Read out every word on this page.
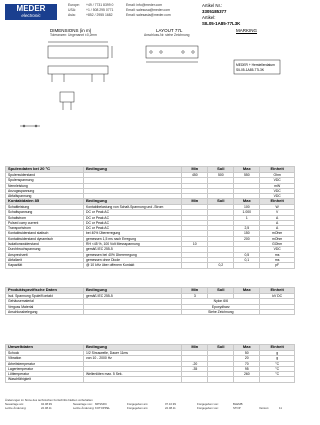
MEDER
electronic
Europe:	+49 / 7731 8399 0	Email: info@meder.com
USA:	+1 / 508 295 0771	Email: salesusa@meder.com
Asia:	+852 / 2955 1682	Email: salesasia@meder.com
Artikel Nr.:
3305185377
Artikel:
SIL05-1A85-77L3K
DIMENSIONS (in m)
Toleranzen: Ungenannt ±0,2mm
LAYOUT 77L
Anschluss-Nr. siehe Zeichnung
MARKING
MEDER + Herstellerdatum
SIL05-1A85-77L3K
Spulendaten bei 20 °C	Bedingung	Min	Soll	Max	Einheit
Spulenwiderstand		450	500	550	Ohm
Spulenspannung					VDC
Nennleistung					mW
Anzugsspannung					VDC
Abfallspannung					VDC
Kontaktdaten 85	Bedingung	Min	Soll	Max	Einheit
Schaltleistung	Kontaktbelastung von Schalt-Spannung und -Strom			100	W
Schaltspannung	DC or Peak AC			1.000	V
Schaltstrom	DC or Peak AC			1	A
Pulsed carry current	DC or Peak AC				A
Transportstrom	DC or Peak AC			2,5	A
Kontaktwiderstand statisch	bei 40% Übererregung			150	mOhm
Kontaktwiderstand dynamisch	gemessen 1,5 ms nach Erregung			200	mOhm
Isolationswiderstand	RH <45 %, 100 Volt Messspannung	10			GOhm
Durchbruchspannung	gemäß IEC 255-5				VDC
Ansprechzeit	gemessen bei 40% Übererregung			0,5	ms
Abfallzeit	gemessen ohne Diode			0,1	ms
Kapazität	@ 10 kHz über offenem Kontakt		0,2		pF
Produktspezifische Daten	Bedingung	Min	Soll	Max	Einheit
Isol. Spannung Spule/Kontakt	gemäß IEC 255-5	3			kV DC
Gehäusematerial		Nylon 6/6			
Verguss Material		Epoxydharz			
Anschlussbelegung		Siehe Zeichnung			
Umweltdaten	Bedingung	Min	Soll	Max	Einheit
Schock	1/2 Sinuswelle, Dauer 11ms			50	g
Vibration	von 10 - 2000 Hz			20	g
Arbeitstemperatur		-20		70	°C
Lagertemperatur		-35		95	°C
Löttemperatur	Wellenlöten max. 5 Sek.			260	°C
Waschfähigkeit					
Änderungen im Sinne des technischen Fortschritts bleiben vorbehalten
Neuanlage am:	04.08.99	Neuanlage von: MPSSRC	Freigegeben am:	07.10.99	Freigegeben von:	BLEMB
Letzte Änderung:	22.08.11	Letzte Änderung: KOTOPPEL	Freigegeben am:	22.08.11	Freigegeben von:	STOP	Version:	11
